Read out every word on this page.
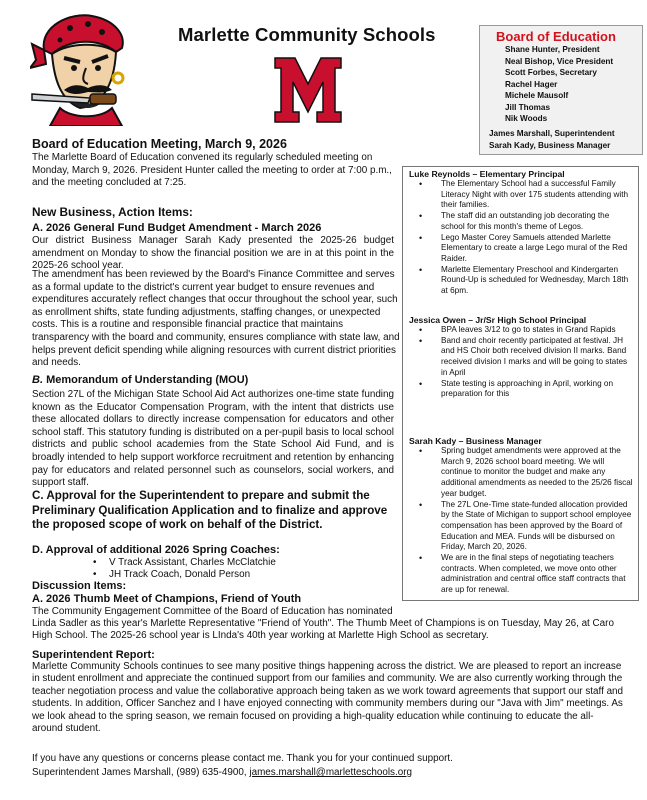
Marlette Community Schools	Board of Education
Shane Hunter, President
Neal Bishop, Vice President
Scott Forbes, Secretary
Rachel Hager
Michele Mausolf
Jill Thomas
Nik Woods
James Marshall, Superintendent
Sarah Kady, Business Manager
Board of Education Meeting, March 9, 2026

The Marlette Board of Education convened its regularly scheduled meeting on Monday, March 9, 2026. President Hunter called the meeting to order at 7:00 p.m., and the meeting concluded at 7:25.

New Business, Action Items:
A. 2026 General Fund Budget Amendment - March 2026

Our district Business Manager Sarah Kady presented the 2025-26 budget amendment on Monday to show the financial position we are in at this point in the 2025-26 school year.

The amendment has been reviewed by the Board's Finance Committee and serves as a formal update to the district's current year budget to ensure revenues and expenditures accurately reflect changes that occur throughout the school year, such as enrollment shifts, state funding adjustments, staffing changes, or unexpected costs. This is a routine and responsible financial practice that maintains transparency with the board and community, ensures compliance with state law, and helps prevent deficit spending while aligning resources with current district priorities and needs.

B. Memorandum of Understanding (MOU)

Section 27L of the Michigan State School Aid Act authorizes one-time state funding known as the Educator Compensation Program, with the intent that districts use these allocated dollars to directly increase compensation for educators and other school staff. This statutory funding is distributed on a per-pupil basis to local school districts and public school academies from the State School Aid Fund, and is broadly intended to help support workforce recruitment and retention by enhancing pay for educators and related personnel such as counselors, social workers, and support staff.

C. Approval for the Superintendent to prepare and submit the Preliminary Qualification Application and to finalize and approve the proposed scope of work on behalf of the District.
D. Approval of additional 2026 Spring Coaches:
• V Track Assistant, Charles McClatchie
• JH Track Coach, Donald Person
Discussion Items:
A. 2026 Thumb Meet of Champions, Friend of Youth

The Community Engagement Committee of the Board of Education has nominated

Linda Sadler as this year's Marlette Representative "Friend of Youth". The Thumb Meet of Champions is on Tuesday, May 26, at Caro

High School. The 2025-26 school year is LInda's 40th year working at Marlette High School as secretary.

Luke Reynolds – Elementary Principal
• The Elementary School had a successful Family Literacy Night with over 175 students attending with their families.
• The staff did an outstanding job decorating the school for this month's theme of Legos.
• Lego Master Corey Samuels attended Marlette Elementary to create a large Lego mural of the Red Raider.
• Marlette Elementary Preschool and Kindergarten Round-Up is scheduled for Wednesday, March 18th at 6pm.
Jessica Owen – Jr/Sr High School Principal
• BPA leaves 3/12 to go to states in Grand Rapids
• Band and choir recently participated at festival. JH and HS Choir both received division II marks. Band received division I marks and will be going to states in April
• State testing is approaching in April, working on preparation for this
Sarah Kady – Business Manager
• Spring budget amendments were approved at the March 9, 2026 school board meeting. We will continue to monitor the budget and make any additional amendments as needed to the 25/26 fiscal year budget.
• The 27L One-Time state-funded allocation provided by the State of Michigan to support school employee compensation has been approved by the Board of Education and MEA. Funds will be disbursed on Friday, March 20, 2026.
• We are in the final steps of negotiating teachers contracts. When completed, we move onto other administration and central office staff contracts that are up for renewal.
Superintendent Report:

Marlette Community Schools continues to see many positive things happening across the district. We are pleased to report an increase in student enrollment and appreciate the continued support from our families and community. We are also currently working through the teacher negotiation process and value the collaborative approach being taken as we work toward agreements that support our staff and students. In addition, Officer Sanchez and I have enjoyed connecting with community members during our "Java with Jim" meetings. As we look ahead to the spring season, we remain focused on providing a high-quality education while continuing to educate the all-around student.

If you have any questions or concerns please contact me. Thank you for your continued support.

Superintendent James Marshall, (989) 635-4900, james.marshall@marletteschools.org
